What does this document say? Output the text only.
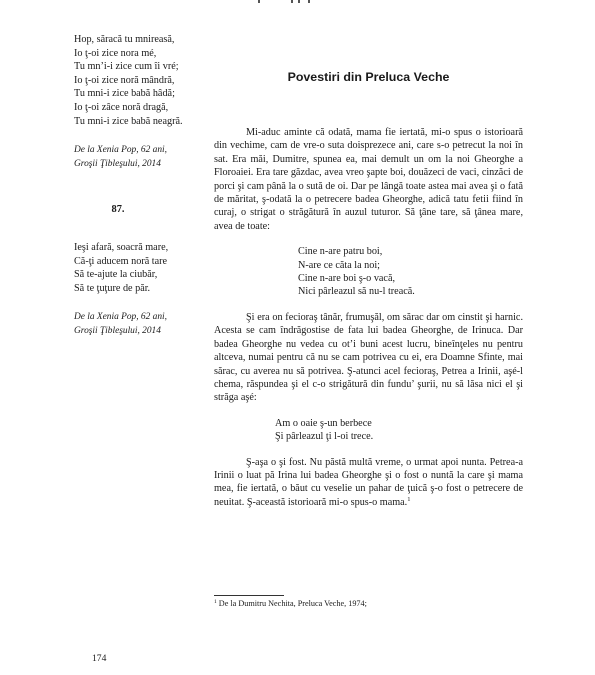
Hop, săracă tu mnireasă,
Io ţ-oi zice nora mé,
Tu mn’i-i zice cum îi vré;
Io ţ-oi zice noră mândră,
Tu mni-i zice babă hâdă;
Io ţ-oi zâce noră dragă,
Tu mni-i zice babă neagră.
De la Xenia Pop, 62 ani,
Groşii Ţibleşului, 2014
87.
Ieşi afară, soacră mare,
Că-ţi aducem noră tare
Să te-ajute la ciubăr,
Să te ţuţure de păr.
De la Xenia Pop, 62 ani,
Groşii Ţibleşului, 2014
Povestiri din Preluca Veche

Mi-aduc aminte că odată, mama fie iertată, mi-o spus o istorioară din vechime, cam de vre-o suta doisprezece ani, care s-o petrecut la noi în sat. Era măi, Dumitre, spunea ea, mai demult un om la noi Gheorghe a Floroaiei. Era tare găzdac, avea vreo şapte boi, douăzeci de vaci, cinzăci de porci şi cam până la o sută de oi. Dar pe lângă toate astea mai avea şi o fată de măritat, ş-odată la o petrecere badea Gheorghe, adică tatu fetii fiind în curaj, o strigat o străgătură în auzul tuturor. Să ţâne tare, să ţânea mare, avea de toate:

Cine n-are patru boi,
N-are ce căta la noi;
Cine n-are boi ş-o vacă,
Nici pârleazul să nu-l treacă.

Şi era on fecioraş tânăr, frumuşăl, om sărac dar om cinstit şi harnic. Acesta se cam îndrăgostise de fata lui badea Gheorghe, de Irinuca. Dar badea Gheorghe nu vedea cu ot’i buni acest lucru, bineînţeles nu pentru altceva, numai pentru că nu se cam potrivea cu ei, era Doamne Sfinte, mai sărac, cu averea nu să potrivea. Ş-atunci acel fecioraş, Petrea a Irinii, aşé-l chema, răspundea şi el c-o strigătură din fundu’ şurii, nu să lăsa nici el şi străga aşé:

Am o oaie ş-un berbece
Şi pârleazul ţi l-oi trece.

Ş-aşa o şi fost. Nu păstă multă vreme, o urmat apoi nunta. Petrea-a Irinii o luat pă Irina lui badea Gheorghe şi o fost o nuntă la care şi mama mea, fie iertată, o băut cu veselie un pahar de ţuică ş-o fost o petrecere de neuitat. Ş-această istorioară mi-o spus-o mama.$^1$

$^1$ De la Dumitru Nechita, Preluca Veche, 1974;
174
